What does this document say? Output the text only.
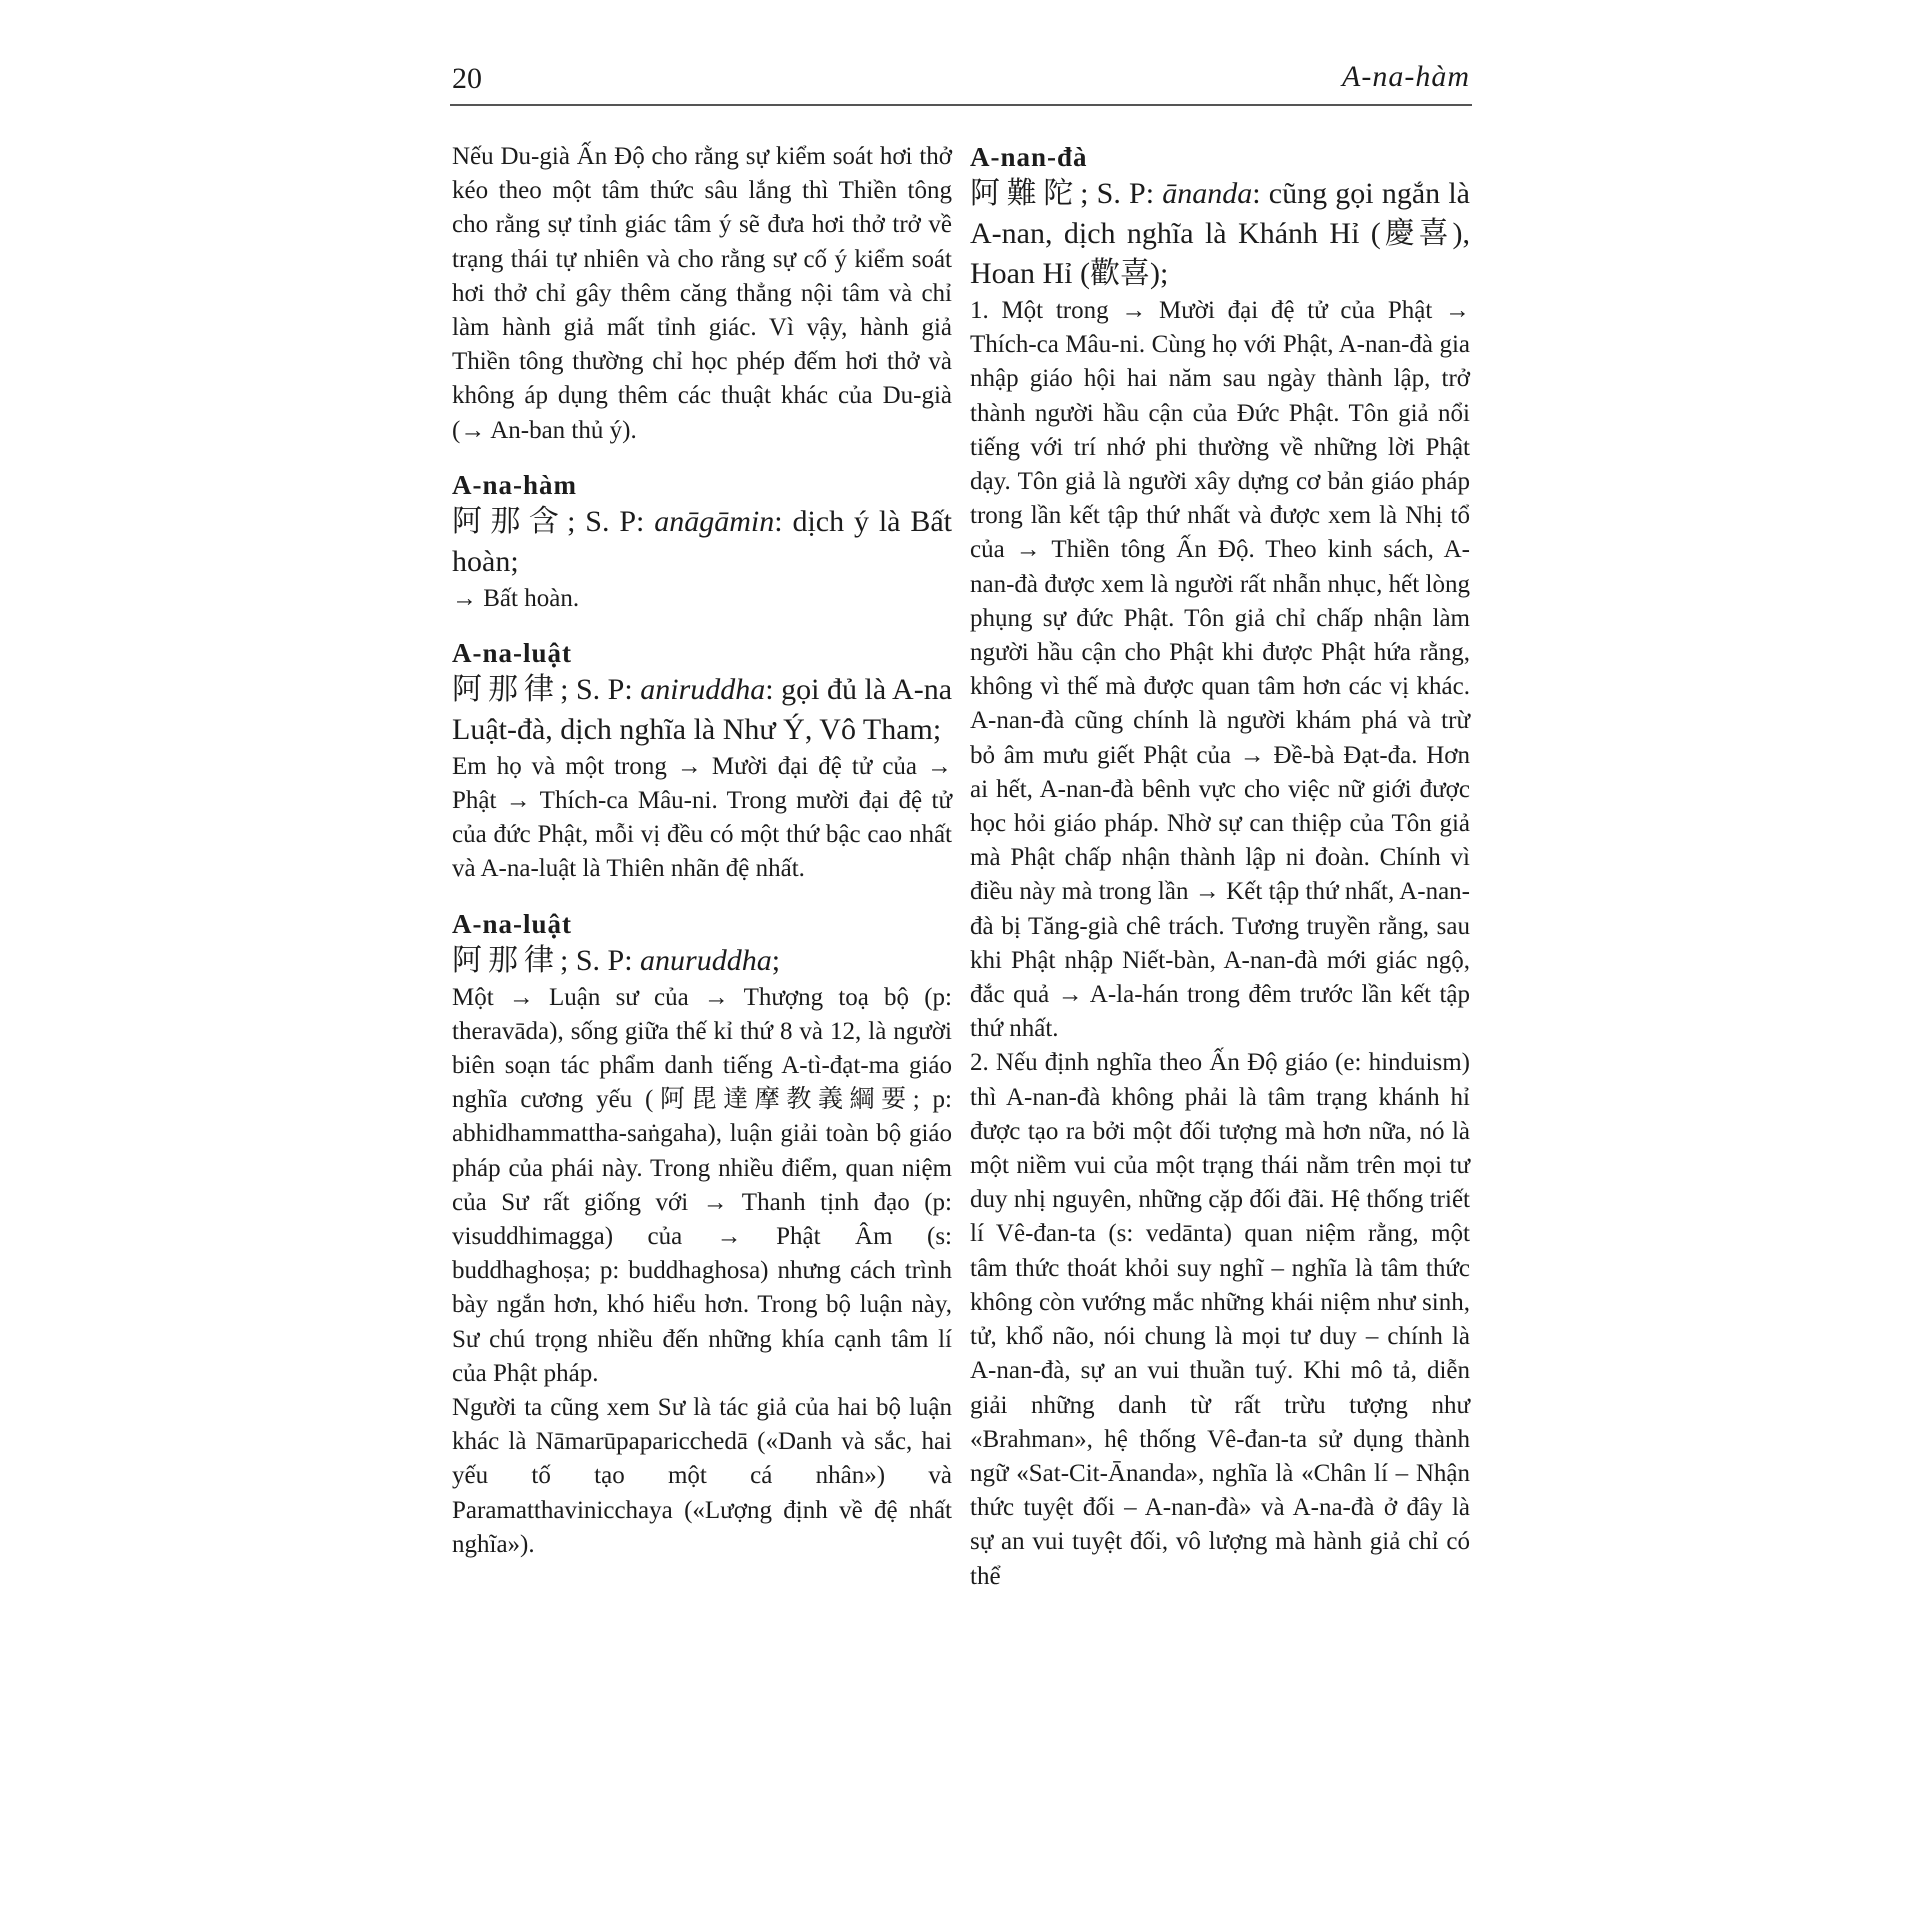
20	A-na-hàm

Nếu Du-già Ấn Độ cho rằng sự kiểm soát hơi thở kéo theo một tâm thức sâu lắng thì Thiền tông cho rằng sự tỉnh giác tâm ý sẽ đưa hơi thở trở về trạng thái tự nhiên và cho rằng sự cố ý kiểm soát hơi thở chỉ gây thêm căng thẳng nội tâm và chỉ làm hành giả mất tỉnh giác. Vì vậy, hành giả Thiền tông thường chỉ học phép đếm hơi thở và không áp dụng thêm các thuật khác của Du-già (→ An-ban thủ ý).

A-na-hàm

阿那含; S. P: anāgāmin: dịch ý là Bất hoàn;

→ Bất hoàn.

A-na-luật

阿那律; S. P: aniruddha: gọi đủ là A-na Luật-đà, dịch nghĩa là Như Ý, Vô Tham;

Em họ và một trong → Mười đại đệ tử của → Phật → Thích-ca Mâu-ni. Trong mười đại đệ tử của đức Phật, mỗi vị đều có một thứ bậc cao nhất và A-na-luật là Thiên nhãn đệ nhất.

A-na-luật

阿那律; S. P: anuruddha;

Một → Luận sư của → Thượng toạ bộ (p: theravāda), sống giữa thế kỉ thứ 8 và 12, là người biên soạn tác phẩm danh tiếng A-tì-đạt-ma giáo nghĩa cương yếu (阿毘達摩教義綱要; p: abhidhammattha-saṅgaha), luận giải toàn bộ giáo pháp của phái này. Trong nhiều điểm, quan niệm của Sư rất giống với → Thanh tịnh đạo (p: visuddhimagga) của → Phật Âm (s: buddhaghoṣa; p: buddhaghosa) nhưng cách trình bày ngắn hơn, khó hiểu hơn. Trong bộ luận này, Sư chú trọng nhiều đến những khía cạnh tâm lí của Phật pháp.

Người ta cũng xem Sư là tác giả của hai bộ luận khác là Nāmarūpaparicchedā («Danh và sắc, hai yếu tố tạo một cá nhân») và Paramatthavinicchaya («Lượng định về đệ nhất nghĩa»).

A-nan-đà

阿難陀; S. P: ānanda: cũng gọi ngắn là A-nan, dịch nghĩa là Khánh Hỉ (慶喜), Hoan Hỉ (歡喜);

1. Một trong → Mười đại đệ tử của Phật → Thích-ca Mâu-ni. Cùng họ với Phật, A-nan-đà gia nhập giáo hội hai năm sau ngày thành lập, trở thành người hầu cận của Đức Phật. Tôn giả nổi tiếng với trí nhớ phi thường về những lời Phật dạy. Tôn giả là người xây dựng cơ bản giáo pháp trong lần kết tập thứ nhất và được xem là Nhị tổ của → Thiền tông Ấn Độ. Theo kinh sách, A-nan-đà được xem là người rất nhẫn nhục, hết lòng phụng sự đức Phật. Tôn giả chỉ chấp nhận làm người hầu cận cho Phật khi được Phật hứa rằng, không vì thế mà được quan tâm hơn các vị khác. A-nan-đà cũng chính là người khám phá và trừ bỏ âm mưu giết Phật của → Đề-bà Đạt-đa. Hơn ai hết, A-nan-đà bênh vực cho việc nữ giới được học hỏi giáo pháp. Nhờ sự can thiệp của Tôn giả mà Phật chấp nhận thành lập ni đoàn. Chính vì điều này mà trong lần → Kết tập thứ nhất, A-nan-đà bị Tăng-già chê trách. Tương truyền rằng, sau khi Phật nhập Niết-bàn, A-nan-đà mới giác ngộ, đắc quả → A-la-hán trong đêm trước lần kết tập thứ nhất.

2. Nếu định nghĩa theo Ấn Độ giáo (e: hinduism) thì A-nan-đà không phải là tâm trạng khánh hỉ được tạo ra bởi một đối tượng mà hơn nữa, nó là một niềm vui của một trạng thái nằm trên mọi tư duy nhị nguyên, những cặp đối đãi. Hệ thống triết lí Vê-đan-ta (s: vedānta) quan niệm rằng, một tâm thức thoát khỏi suy nghĩ – nghĩa là tâm thức không còn vướng mắc những khái niệm như sinh, tử, khổ não, nói chung là mọi tư duy – chính là A-nan-đà, sự an vui thuần tuý. Khi mô tả, diễn giải những danh từ rất trừu tượng như «Brahman», hệ thống Vê-đan-ta sử dụng thành ngữ «Sat-Cit-Ānanda», nghĩa là «Chân lí – Nhận thức tuyệt đối – A-nan-đà» và A-na-đà ở đây là sự an vui tuyệt đối, vô lượng mà hành giả chỉ có thể
